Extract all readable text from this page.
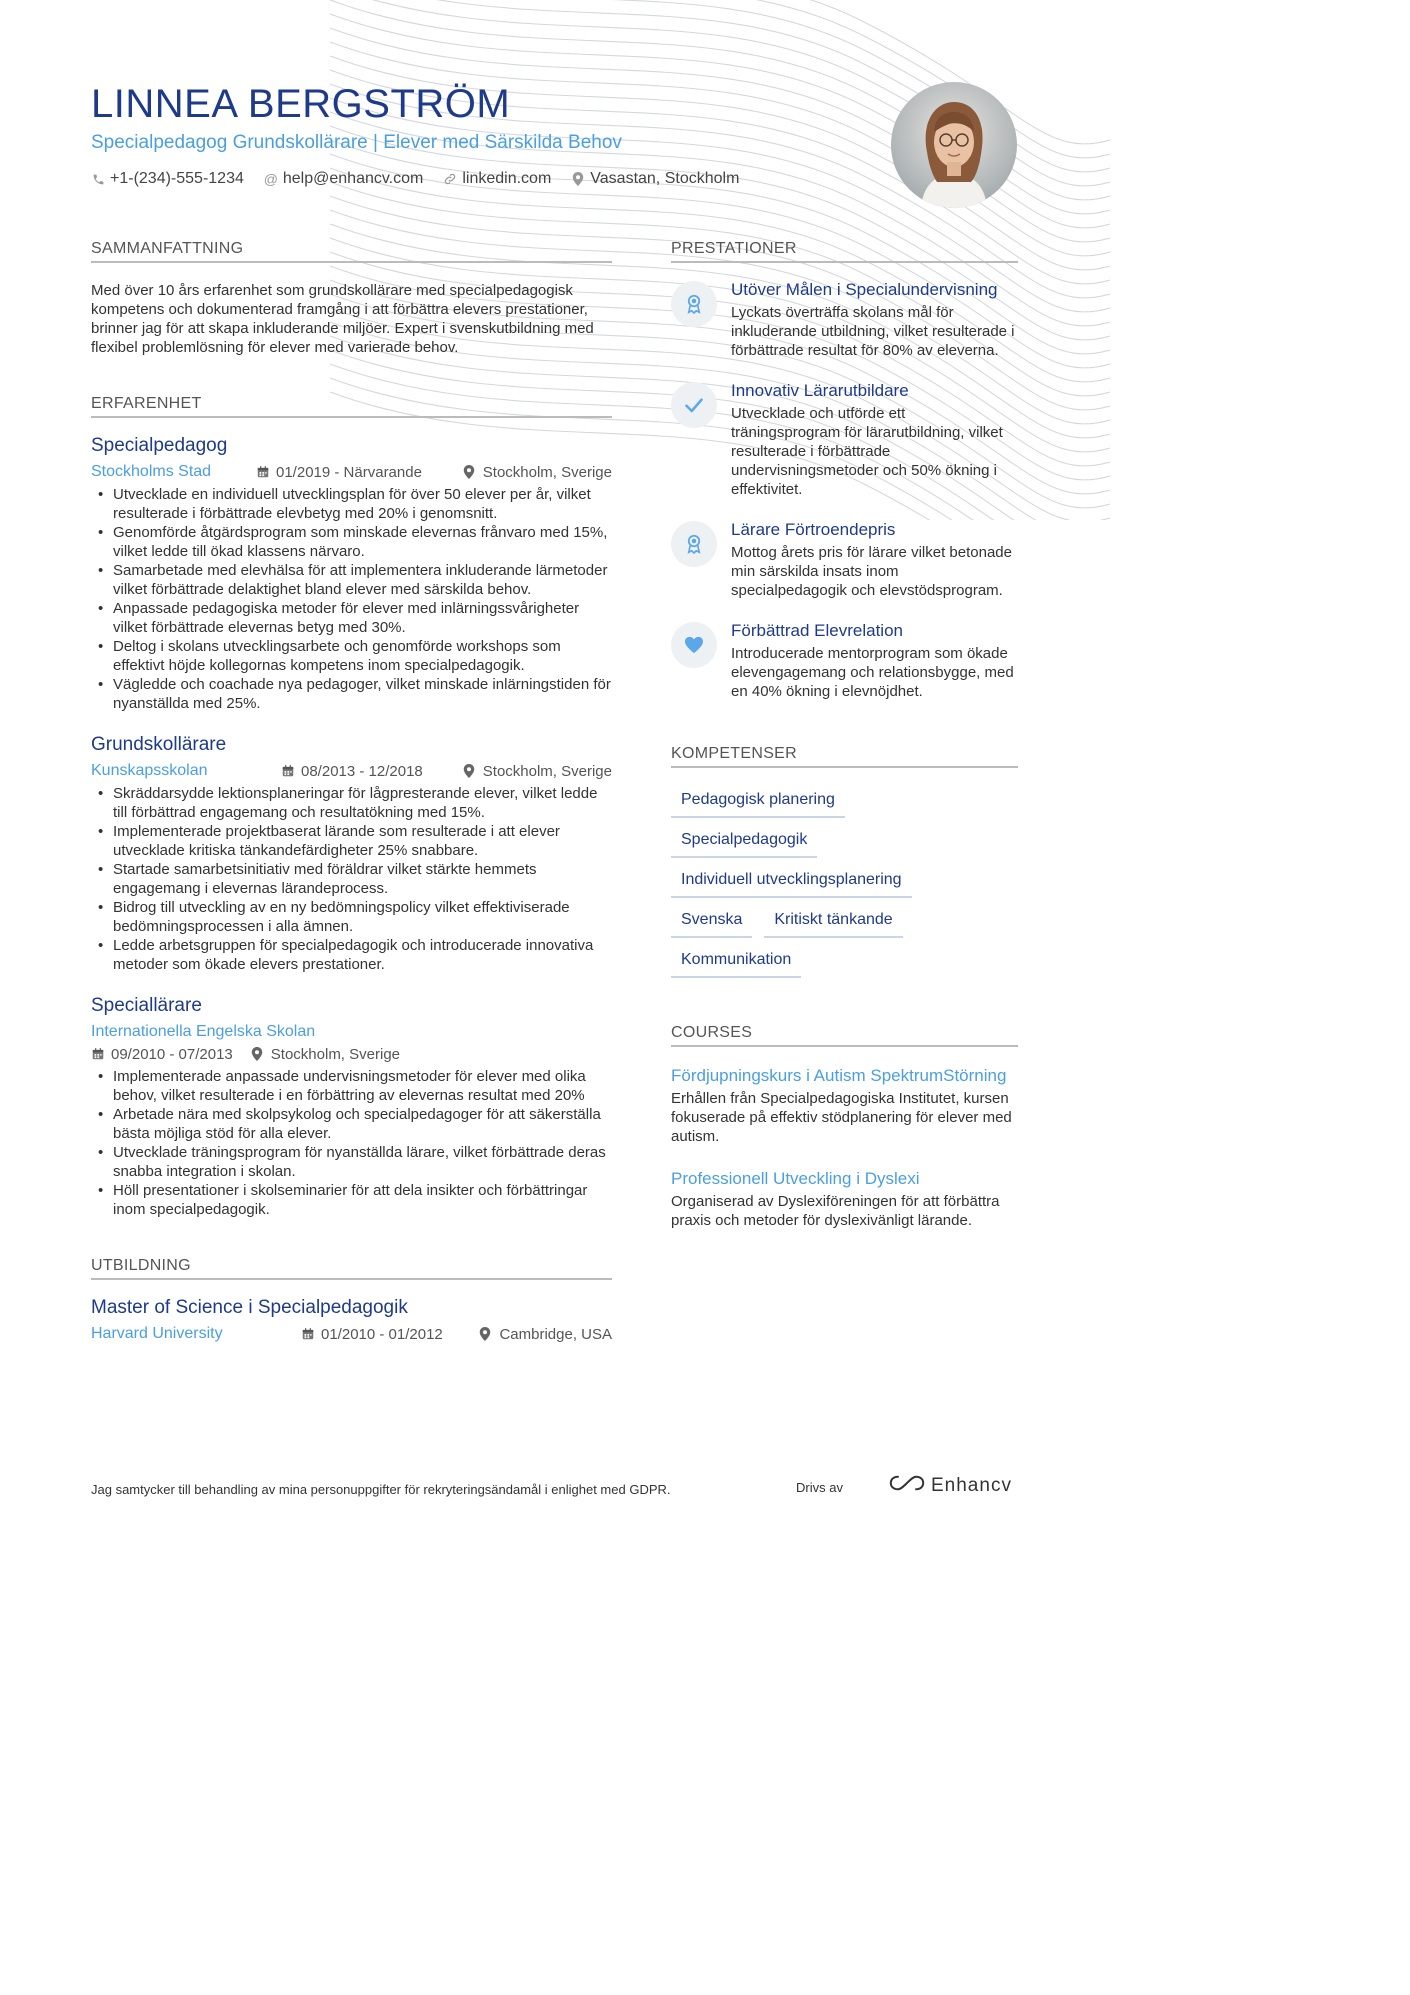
LINNEA BERGSTRÖM
Specialpedagog Grundskollärare | Elever med Särskilda Behov
+1-(234)-555-1234 @ help@enhancv.com linkedin.com Vasastan, Stockholm
SAMMANFATTNING

Med över 10 års erfarenhet som grundskollärare med specialpedagogisk kompetens och dokumenterad framgång i att förbättra elevers prestationer, brinner jag för att skapa inkluderande miljöer. Expert i svenskutbildning med flexibel problemlösning för elever med varierade behov.

ERFARENHET
Specialpedagog
Stockholms Stad	01/2019 - Närvarande	Stockholm, Sverige
• Utvecklade en individuell utvecklingsplan för över 50 elever per år, vilket resulterade i förbättrade elevbetyg med 20% i genomsnitt.
• Genomförde åtgärdsprogram som minskade elevernas frånvaro med 15%, vilket ledde till ökad klassens närvaro.
• Samarbetade med elevhälsa för att implementera inkluderande lärmetoder vilket förbättrade delaktighet bland elever med särskilda behov.
• Anpassade pedagogiska metoder för elever med inlärningssvårigheter vilket förbättrade elevernas betyg med 30%.
• Deltog i skolans utvecklingsarbete och genomförde workshops som effektivt höjde kollegornas kompetens inom specialpedagogik.
• Vägledde och coachade nya pedagoger, vilket minskade inlärningstiden för nyanställda med 25%.
Grundskollärare
Kunskapsskolan	08/2013 - 12/2018	Stockholm, Sverige
• Skräddarsydde lektionsplaneringar för lågpresterande elever, vilket ledde till förbättrad engagemang och resultatökning med 15%.
• Implementerade projektbaserat lärande som resulterade i att elever utvecklade kritiska tänkandefärdigheter 25% snabbare.
• Startade samarbetsinitiativ med föräldrar vilket stärkte hemmets engagemang i elevernas lärandeprocess.
• Bidrog till utveckling av en ny bedömningspolicy vilket effektiviserade bedömningsprocessen i alla ämnen.
• Ledde arbetsgruppen för specialpedagogik och introducerade innovativa metoder som ökade elevers prestationer.
Speciallärare
Internationella Engelska Skolan
09/2010 - 07/2013	Stockholm, Sverige
• Implementerade anpassade undervisningsmetoder för elever med olika behov, vilket resulterade i en förbättring av elevernas resultat med 20%
• Arbetade nära med skolpsykolog och specialpedagoger för att säkerställa bästa möjliga stöd för alla elever.
• Utvecklade träningsprogram för nyanställda lärare, vilket förbättrade deras snabba integration i skolan.
• Höll presentationer i skolseminarier för att dela insikter och förbättringar inom specialpedagogik.
UTBILDNING
Master of Science i Specialpedagogik
Harvard University	01/2010 - 01/2012	Cambridge, USA
PRESTATIONER
Utöver Målen i Specialundervisning
Lyckats överträffa skolans mål för inkluderande utbildning, vilket resulterade i förbättrade resultat för 80% av eleverna.
Innovativ Lärarutbildare
Utvecklade och utförde ett träningsprogram för lärarutbildning, vilket resulterade i förbättrade undervisningsmetoder och 50% ökning i effektivitet.
Lärare Förtroendepris
Mottog årets pris för lärare vilket betonade min särskilda insats inom specialpedagogik och elevstödsprogram.
Förbättrad Elevrelation
Introducerade mentorprogram som ökade elevengagemang och relationsbygge, med en 40% ökning i elevnöjdhet.
KOMPETENSER
Pedagogisk planering
Specialpedagogik
Individuell utvecklingsplanering
Svenska	Kritiskt tänkande
Kommunikation
COURSES
Fördjupningskurs i Autism SpektrumStörning
Erhållen från Specialpedagogiska Institutet, kursen fokuserade på effektiv stödplanering för elever med autism.
Professionell Utveckling i Dyslexi
Organiserad av Dyslexiföreningen för att förbättra praxis och metoder för dyslexivänligt lärande.
Jag samtycker till behandling av mina personuppgifter för rekryteringsändamål i enlighet med GDPR.	Drivs av	Enhancv
